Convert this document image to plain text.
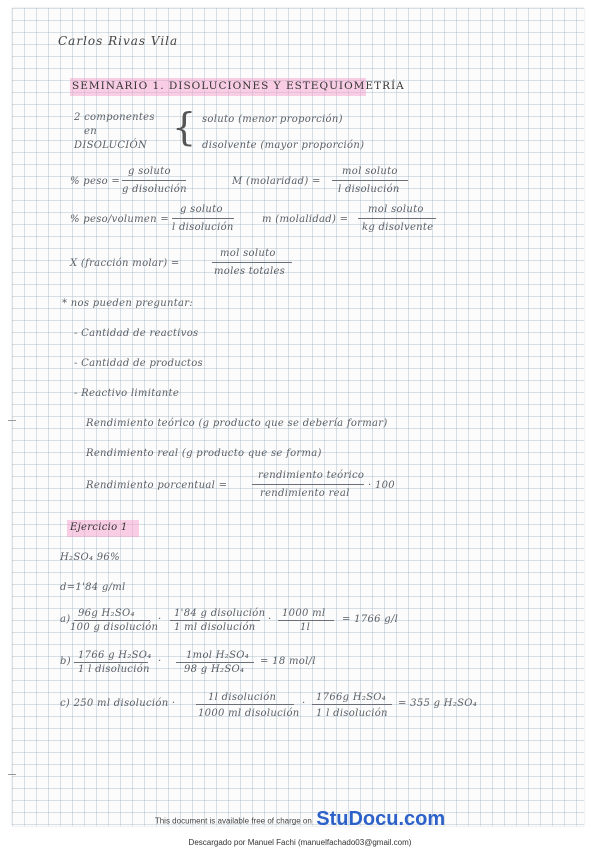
Carlos Rivas Vila
SEMINARIO 1. DISOLUCIONES Y ESTEQUIOMETRÍA
2 componentes
en
DISOLUCIÓN { soluto (menor proporción)
disolvente (mayor proporción)
% peso =
g soluto
g disolución
M (molaridad) =
mol soluto
l disolución
% peso/volumen =
g soluto
l disolución
m (molalidad) =
mol soluto
kg disolvente
X (fracción molar) =
mol soluto
moles totales
* nos pueden preguntar:
- Cantidad de reactivos
- Cantidad de productos
- Reactivo limitante
Rendimiento teórico (g producto que se debería formar)
Rendimiento real (g producto que se forma)
Rendimiento porcentual =
rendimiento teórico
rendimiento real
· 100
Ejercicio 1
H₂SO₄ 96%
d=1'84 g/ml
a)
96g H₂SO₄
100 g disolución
·
1'84 g disolución
1 ml disolución
·
1000 ml
1l
= 1766 g/l
b)
1766 g H₂SO₄
1 l disolución
·
1mol H₂SO₄
98 g H₂SO₄
= 18 mol/l
c) 250 ml disolución ·
1l disolución
1000 ml disolución
·
1766g H₂SO₄
1 l disolución
= 355 g H₂SO₄
This document is available free of charge on StuDocu.com
Descargado por Manuel Fachi (manuelfachado03@gmail.com)
